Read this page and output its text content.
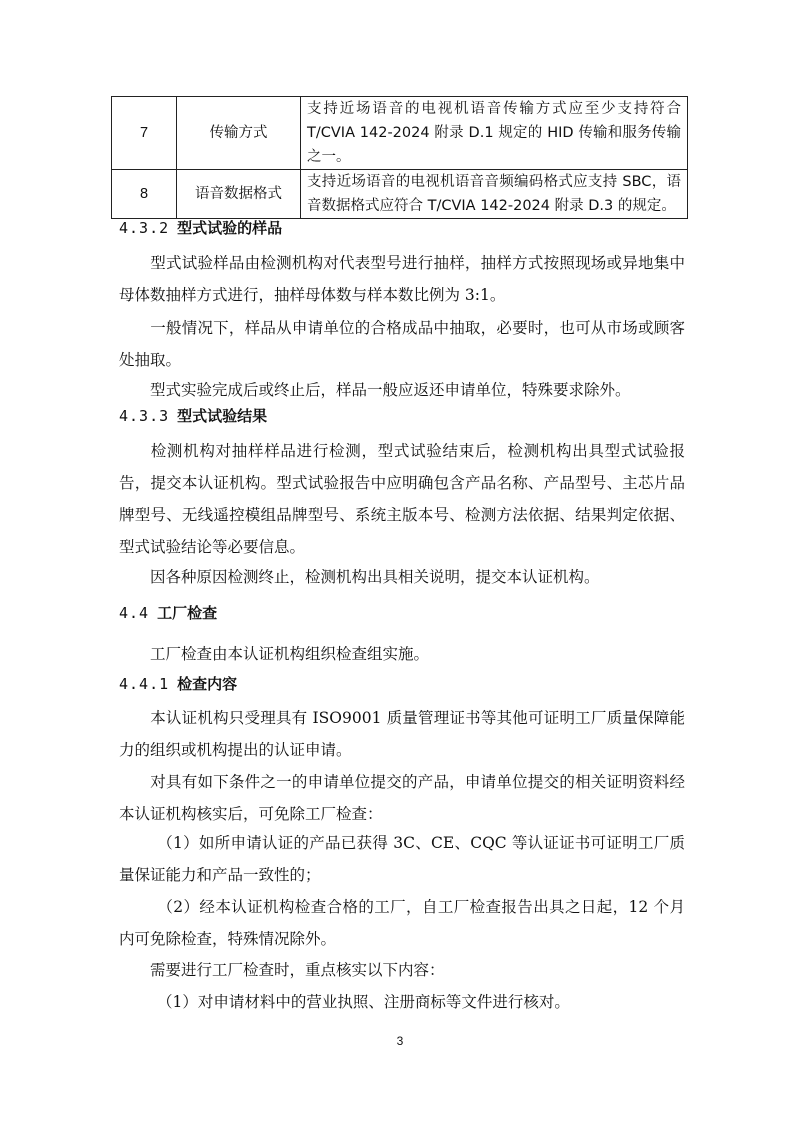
7	传输方式	支持近场语音的电视机语音传输方式应至少支持符合 T/CVIA 142-2024 附录 D.1 规定的 HID 传输和服务传输之一。
8	语音数据格式	支持近场语音的电视机语音音频编码格式应支持 SBC，语音数据格式应符合 T/CVIA 142-2024 附录 D.3 的规定。
4.3.2 型式试验的样品
型式试验样品由检测机构对代表型号进行抽样，抽样方式按照现场或异地集中母体数抽样方式进行，抽样母体数与样本数比例为 3:1。
一般情况下，样品从申请单位的合格成品中抽取，必要时，也可从市场或顾客处抽取。
型式实验完成后或终止后，样品一般应返还申请单位，特殊要求除外。
4.3.3 型式试验结果
检测机构对抽样样品进行检测，型式试验结束后，检测机构出具型式试验报告，提交本认证机构。型式试验报告中应明确包含产品名称、产品型号、主芯片品牌型号、无线遥控模组品牌型号、系统主版本号、检测方法依据、结果判定依据、型式试验结论等必要信息。
因各种原因检测终止，检测机构出具相关说明，提交本认证机构。
4.4 工厂检查
工厂检查由本认证机构组织检查组实施。
4.4.1 检查内容
本认证机构只受理具有 ISO9001 质量管理证书等其他可证明工厂质量保障能力的组织或机构提出的认证申请。
对具有如下条件之一的申请单位提交的产品，申请单位提交的相关证明资料经本认证机构核实后，可免除工厂检查：
（1）如所申请认证的产品已获得 3C、CE、CQC 等认证证书可证明工厂质量保证能力和产品一致性的；
（2）经本认证机构检查合格的工厂，自工厂检查报告出具之日起，12 个月内可免除检查，特殊情况除外。
需要进行工厂检查时，重点核实以下内容：
（1）对申请材料中的营业执照、注册商标等文件进行核对。
3
